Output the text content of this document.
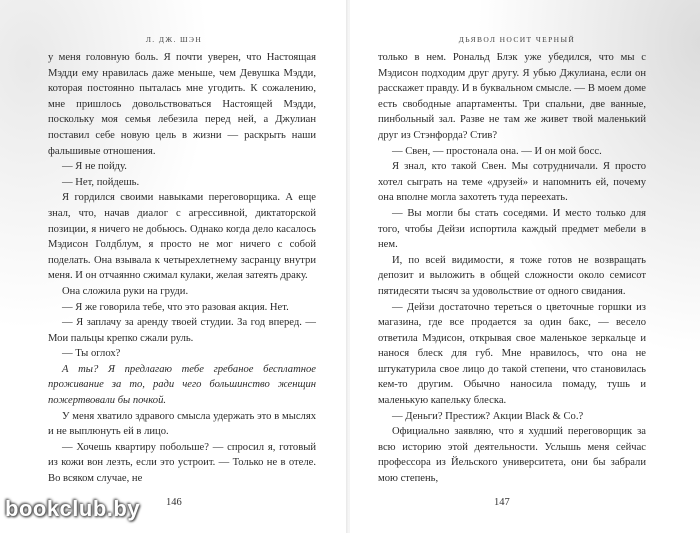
Л. ДЖ. ШЭН

у меня головную боль. Я почти уверен, что Настоящая Мэдди ему нравилась даже меньше, чем Девушка Мэдди, которая постоянно пыталась мне угодить. К сожалению, мне пришлось довольствоваться Настоящей Мэдди, поскольку моя семья лебезила перед ней, а Джулиан поставил себе новую цель в жизни — раскрыть наши фальшивые отношения.

— Я не пойду.

— Нет, пойдешь.

Я гордился своими навыками переговорщика. А еще знал, что, начав диалог с агрессивной, диктаторской позиции, я ничего не добьюсь. Однако когда дело касалось Мэдисон Голдблум, я просто не мог ничего с собой поделать. Она взывала к четырехлетнему засранцу внутри меня. И он отчаянно сжимал кулаки, желая затеять драку.

Она сложила руки на груди.

— Я же говорила тебе, что это разовая акция. Нет.

— Я заплачу за аренду твоей студии. За год вперед. — Мои пальцы крепко сжали руль.

— Ты оглох?

А ты? Я предлагаю тебе гребаное бесплатное проживание за то, ради чего большинство женщин пожертвовали бы почкой.

У меня хватило здравого смысла удержать это в мыслях и не выплюнуть ей в лицо.

— Хочешь квартиру побольше? — спросил я, готовый из кожи вон лезть, если это устроит. — Только не в отеле. Во всяком случае, не

146
ДЬЯВОЛ НОСИТ ЧЕРНЫЙ

только в нем. Рональд Блэк уже убедился, что мы с Мэдисон подходим друг другу. Я убью Джулиана, если он расскажет правду. И в буквальном смысле. — В моем доме есть свободные апартаменты. Три спальни, две ванные, пинбольный зал. Разве не там же живет твой маленький друг из Стэнфорда? Стив?

— Свен, — простонала она. — И он мой босс.

Я знал, кто такой Свен. Мы сотрудничали. Я просто хотел сыграть на теме «друзей» и напомнить ей, почему она вполне могла захотеть туда переехать.

— Вы могли бы стать соседями. И место только для того, чтобы Дейзи испортила каждый предмет мебели в нем.

И, по всей видимости, я тоже готов не возвращать депозит и выложить в общей сложности около семисот пятидесяти тысяч за удовольствие от одного свидания.

— Дейзи достаточно тереться о цветочные горшки из магазина, где все продается за один бакс, — весело ответила Мэдисон, открывая свое маленькое зеркальце и нанося блеск для губ. Мне нравилось, что она не штукатурила свое лицо до такой степени, что становилась кем-то другим. Обычно наносила помаду, тушь и маленькую капельку блеска.

— Деньги? Престиж? Акции Black & Co.?

Официально заявляю, что я худший переговорщик за всю историю этой деятельности. Услышь меня сейчас профессора из Йельского университета, они бы забрали мою степень,

147
bookclub.by
